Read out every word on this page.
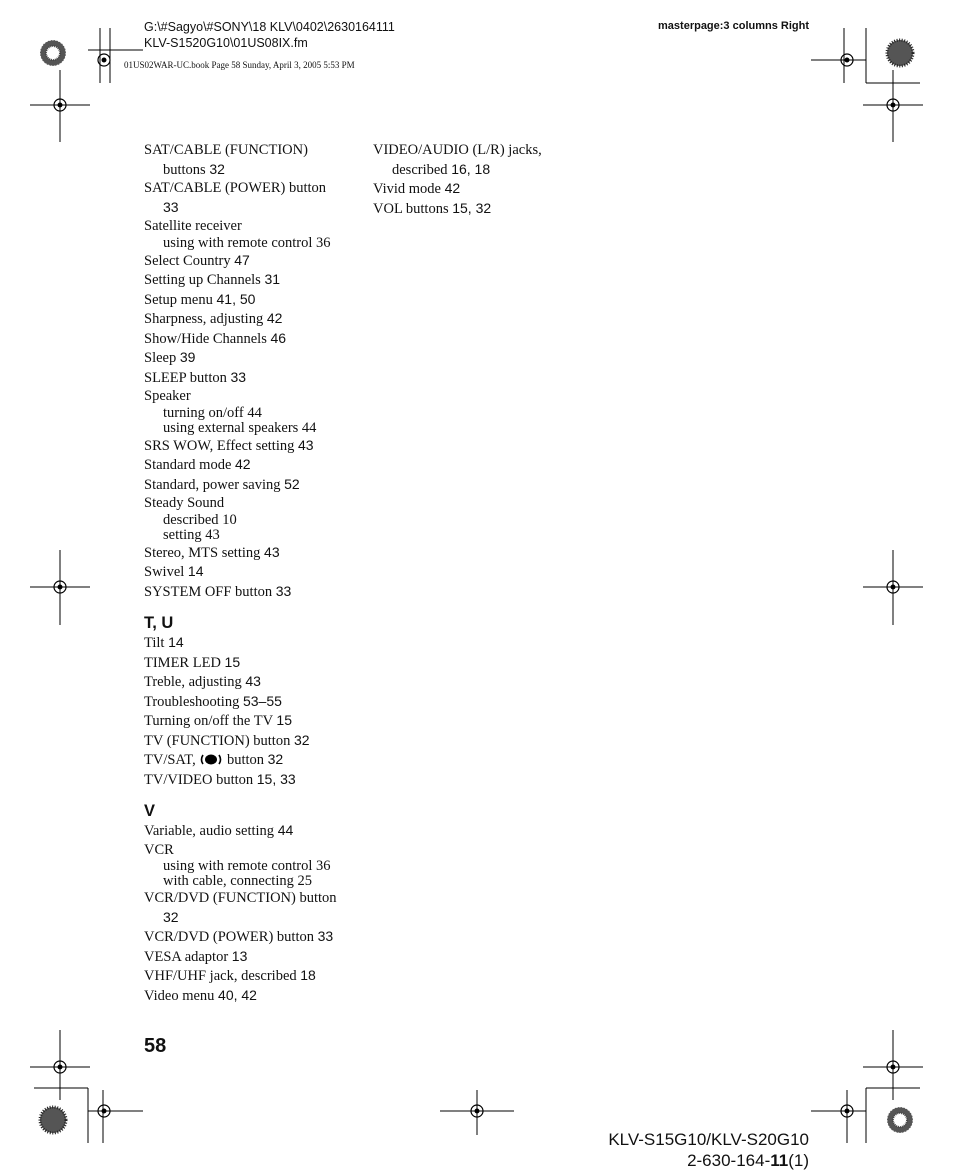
G:\#Sagyo\#SONY\18 KLV\0402\2630164111
KLV-S1520G10\01US08IX.fm
01US02WAR-UC.book Page 58 Sunday, April 3, 2005 5:53 PM
masterpage:3 columns Right
SAT/CABLE (FUNCTION)
buttons 32
SAT/CABLE (POWER) button
33
Satellite receiver
using with remote control 36
Select Country 47
Setting up Channels 31
Setup menu 41, 50
Sharpness, adjusting 42
Show/Hide Channels 46
Sleep 39
SLEEP button 33
Speaker
turning on/off 44
using external speakers 44
SRS WOW, Effect setting 43
Standard mode 42
Standard, power saving 52
Steady Sound
described 10
setting 43
Stereo, MTS setting 43
Swivel 14
SYSTEM OFF button 33
T, U
Tilt 14
TIMER LED 15
Treble, adjusting 43
Troubleshooting 53–55
Turning on/off the TV 15
TV (FUNCTION) button 32
TV/SAT, button 32
TV/VIDEO button 15, 33
V
Variable, audio setting 44
VCR
using with remote control 36
with cable, connecting 25
VCR/DVD (FUNCTION) button
32
VCR/DVD (POWER) button 33
VESA adaptor 13
VHF/UHF jack, described 18
Video menu 40, 42
VIDEO/AUDIO (L/R) jacks,
described 16, 18
Vivid mode 42
VOL buttons 15, 32
58
KLV-S15G10/KLV-S20G10
2-630-164-11(1)
